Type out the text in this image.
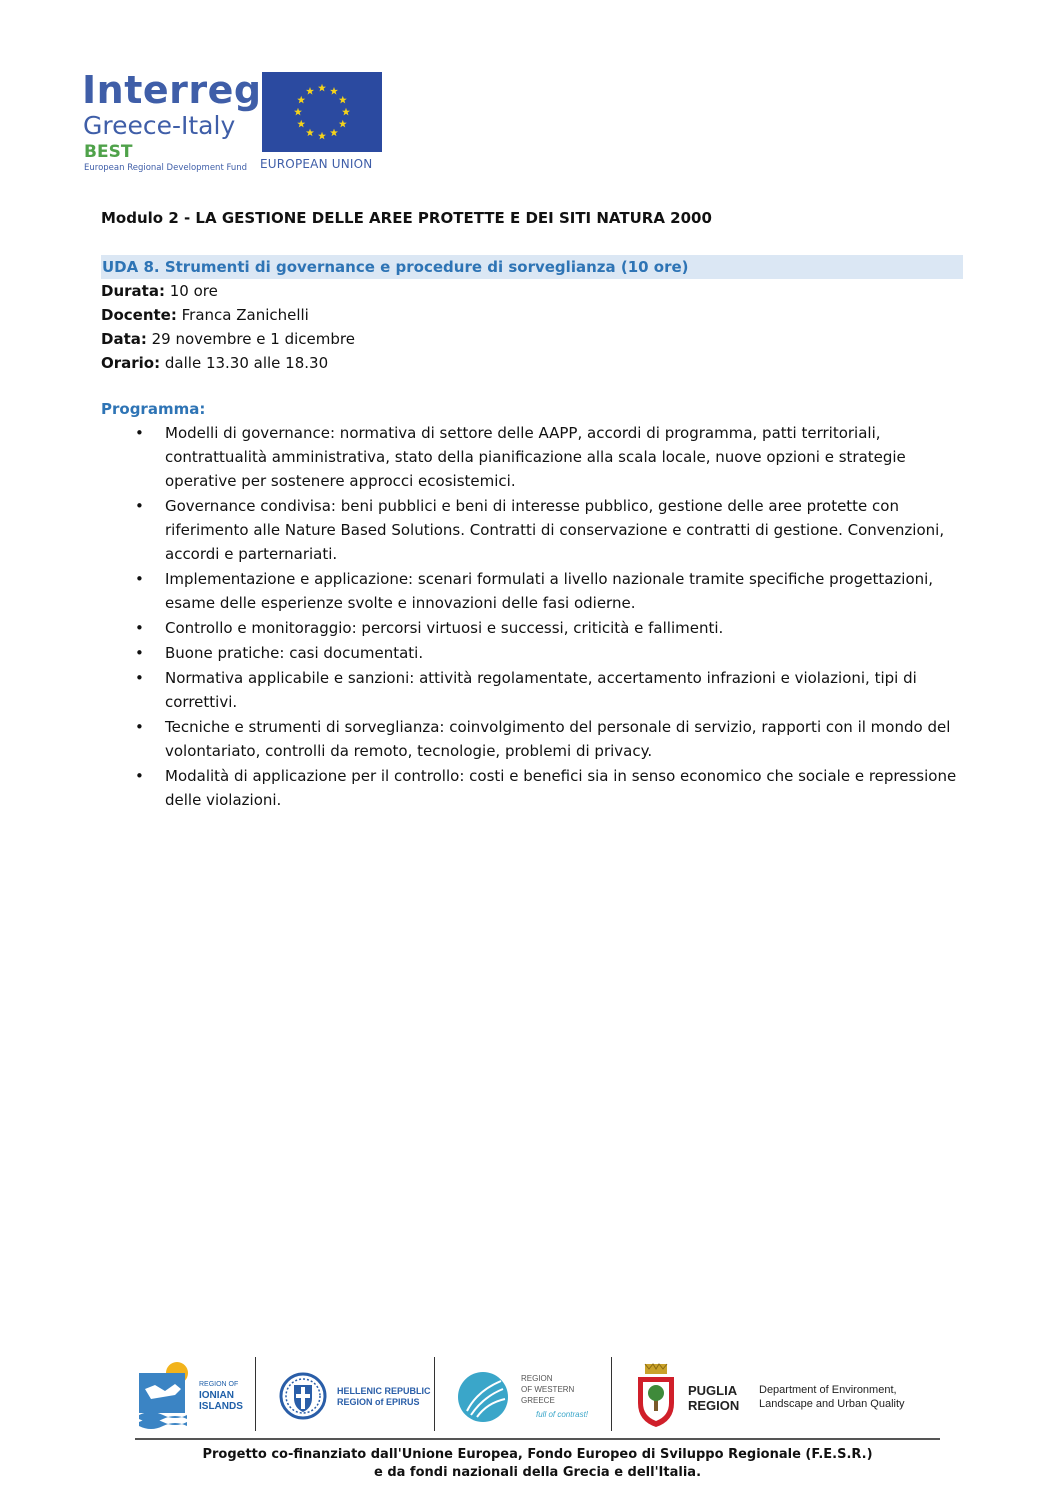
Interreg
Greece-Italy
BEST
European Regional Development Fund EUROPEAN UNION
Modulo 2 - LA GESTIONE DELLE AREE PROTETTE E DEI SITI NATURA 2000
UDA 8. Strumenti di governance e procedure di sorveglianza (10 ore)
Durata: 10 ore
Docente: Franca Zanichelli
Data: 29 novembre e 1 dicembre
Orario: dalle 13.30 alle 18.30
Programma:
• Modelli di governance: normativa di settore delle AAPP, accordi di programma, patti territoriali, contrattualità amministrativa, stato della pianificazione alla scala locale, nuove opzioni e strategie operative per sostenere approcci ecosistemici.
• Governance condivisa: beni pubblici e beni di interesse pubblico, gestione delle aree protette con riferimento alle Nature Based Solutions. Contratti di conservazione e contratti di gestione. Convenzioni, accordi e parternariati.
• Implementazione e applicazione: scenari formulati a livello nazionale tramite specifiche progettazioni, esame delle esperienze svolte e innovazioni delle fasi odierne.
• Controllo e monitoraggio: percorsi virtuosi e successi, criticità e fallimenti.
• Buone pratiche: casi documentati.
• Normativa applicabile e sanzioni: attività regolamentate, accertamento infrazioni e violazioni, tipi di correttivi.
• Tecniche e strumenti di sorveglianza: coinvolgimento del personale di servizio, rapporti con il mondo del volontariato, controlli da remoto, tecnologie, problemi di privacy.
• Modalità di applicazione per il controllo: costi e benefici sia in senso economico che sociale e repressione delle violazioni.
REGION OF
IONIAN
ISLANDS
HELLENIC REPUBLIC
REGION of EPIRUS
REGION
OF WESTERN
GREECE
full of contrast!
PUGLIA
REGION
Department of Environment,
Landscape and Urban Quality
Progetto co-finanziato dall'Unione Europea, Fondo Europeo di Sviluppo Regionale (F.E.S.R.)
e da fondi nazionali della Grecia e dell'Italia.
